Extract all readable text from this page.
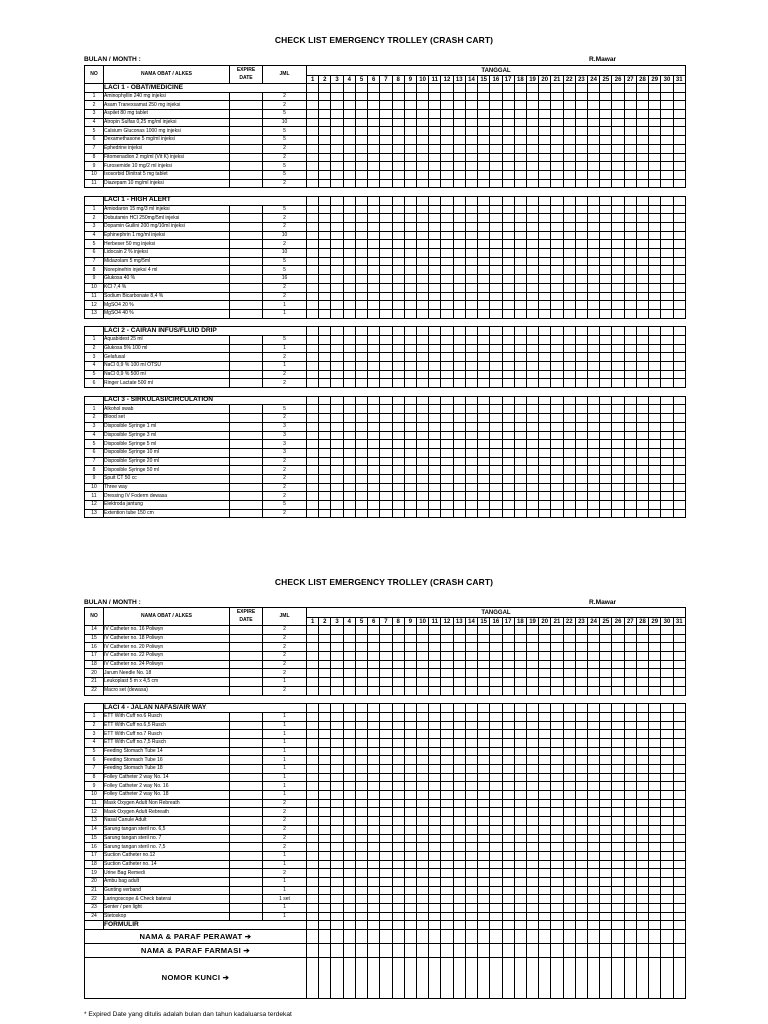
CHECK LIST EMERGENCY TROLLEY (CRASH CART)
BULAN / MONTH :	R.Mawar
NO	NAMA OBAT / ALKES	EXPIRE
DATE	JML	TANGGAL																														
				1	2	3	4	5	6	7	8	9	10	11	12	13	14	15	16	17	18	19	20	21	22	23	24	25	26	27	28	29	30	31
	LACI 1 - OBAT/MEDICINE																																	
1	Aminophyllin 240 mg injeksi		2																															
2	Asam Tranexsamat 250 mg injeksi		2																															
3	Aspilet 80 mg tablet		5																															
4	Atropin Sulfas 0,25 mg/ml injeksi		10																															
5	Calsium Gluconas 1000 mg injeksi		5																															
6	Dexamethasone 5 mg/ml injeksi		5																															
7	Ephedrine injeksi		2																															
8	Fitomenadion 2 mg/ml (Vit K) injeksi		2																															
9	Furosemide 10 mg/2 ml injeksi		5																															
10	Isosorbid Dinitrat 5 mg tablet		5																															
11	Diazepam 10 mg/ml injeksi		2																															

	LACI 1 - HIGH ALERT																																	
1	Amiodaron 15 mg/3 ml injeksi		5																															
2	Dobutamin HCl 250mg/5ml injeksi		2																															
3	Dopamin Guilini 200 mg/10ml injeksi		2																															
4	Ephinephrin 1 mg/ml injeksi		10																															
5	Herbeser 50 mg injeksi		2																															
6	Lidocain 2 % injeksi		10																															
7	Midazolam 5 mg/5ml		5																															
8	Norepinefrin injeksi 4 ml		5																															
9	Glukosa 40 %		16																															
10	KCl 7,4 %		2																															
11	Sodium Bicarbonate 8,4 %		2																															
12	MgSO4 20 %		1																															
13	MgSO4 40 %		1																															

	LACI 2 - CAIRAN INFUS/FLUID DRIP																																	
1	Aquabidest 25 ml		5																															
2	Glukosa 5% 100 ml		1																															
3	Gelafusal		2																															
4	NaCl 0,9 % 100 ml OTSU		1																															
5	NaCl 0,9 % 500 ml		2																															
6	Ringer Lactate 500 ml		2																															

	LACI 3 - SIRKULASI/CIRCULATION																																	
1	Alkohol swab		5																															
2	Blood set		2																															
3	Disposible Syringe 1 ml		3																															
4	Disposible Syringe 3 ml		3																															
5	Disposible Syringe 5 ml		3																															
6	Disposible Syringe 10 ml		3																															
7	Disposible Syringe 20 ml		2																															
8	Disposible Syringe 50 ml		2																															
9	Spuit CT 50 cc		2																															
10	Three way		2																															
11	Dressing IV Foderm dewasa		2																															
12	Elektroda jantung		5																															
13	Extention tube 150 cm		2																															
CHECK LIST EMERGENCY TROLLEY (CRASH CART)
BULAN / MONTH :	R.Mawar
NO	NAMA OBAT / ALKES	EXPIRE
DATE	JML	TANGGAL																														
				1	2	3	4	5	6	7	8	9	10	11	12	13	14	15	16	17	18	19	20	21	22	23	24	25	26	27	28	29	30	31
14	IV Catheter no. 16 Poliwyn		2																															
15	IV Catheter no. 18 Poliwyn		2																															
16	IV Catheter no. 20 Poliwyn		2																															
17	IV Catheter no. 22 Poliwyn		2																															
18	IV Catheter no. 24 Poliwyn		2																															
20	Jarum Needle No. 18		2																															
21	Leukoplast 5 m x 4,5 cm		1																															
22	Macro set (dewasa)		2																															

	LACI 4 - JALAN NAFAS/AIR WAY																																	
1	ETT With Cuff no.6 Rusch		1																															
2	ETT With Cuff no.6,5 Rusch		1																															
3	ETT With Cuff no.7 Rusch		1																															
4	ETT With Cuff no.7,5 Rusch		1																															
5	Feeding Stomach Tube 14		1																															
6	Feeding Stomach Tube 16		1																															
7	Feeding Stomach Tube 18		1																															
8	Folley Catheter 2 way No. 14		1																															
9	Folley Catheter 2 way No. 16		1																															
10	Folley Catheter 2 way No. 18		1																															
11	Mask Oxygen Adult Non Rebreath		2																															
12	Mask Oxygen Adult Rebreath		2																															
13	Nasal Canule Adult		2																															
14	Sarung tangan steril no. 6,5		2																															
15	Sarung tangan steril no. 7		2																															
16	Sarung tangan steril no. 7,5		2																															
17	Suction Catheter no.12		1																															
18	Suction Catheter no. 14		1																															
19	Urine Bag Remedi		2																															
20	Ambu bag adult		1																															
21	Gunting verband		1																															
22	Laringoscope & Check baterai		1 set																															
23	Senter / pen light		1																															
24	Stetoskop		1																															
	FORMULIR																																	
NAMA & PARAF PERAWAT ➔																																		
NAMA & PARAF FARMASI ➔																																		
NOMOR KUNCI ➔																																		
* Expired Date yang ditulis adalah bulan dan tahun kadaluarsa terdekat
